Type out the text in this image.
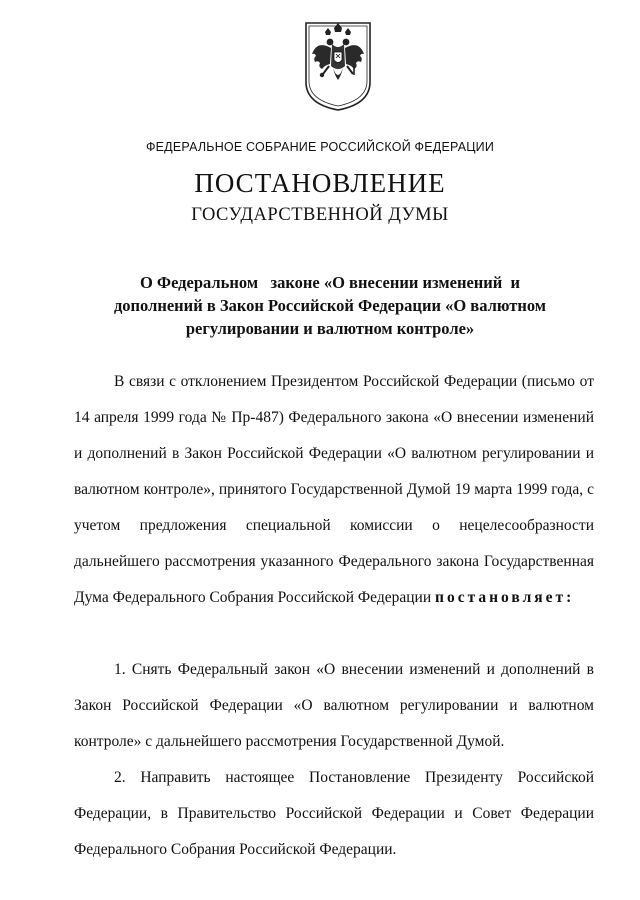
ФЕДЕРАЛЬНОЕ СОБРАНИЕ РОССИЙСКОЙ ФЕДЕРАЦИИ
ПОСТАНОВЛЕНИЕ
ГОСУДАРСТВЕННОЙ ДУМЫ
О Федеральном   законе «О внесении изменений  и
дополнений в Закон Российской Федерации «О валютном
регулировании и валютном контроле»
В связи с отклонением Президентом Российской Федерации (письмо от
14 апреля 1999 года № Пр-487) Федерального закона «О внесении изменений
и дополнений в Закон Российской Федерации «О валютном регулировании и
валютном контроле», принятого Государственной Думой 19 марта 1999 года, с
учетом предложения специальной комиссии о нецелесообразности
дальнейшего рассмотрения указанного Федерального закона Государственная
Дума Федерального Собрания Российской Федерации постановляет:
1. Снять Федеральный закон «О внесении изменений и дополнений в
Закон Российской Федерации «О валютном регулировании и валютном
контроле» с дальнейшего рассмотрения Государственной Думой.
2. Направить настоящее Постановление Президенту Российской
Федерации, в Правительство Российской Федерации и Совет Федерации
Федерального Собрания Российской Федерации.
